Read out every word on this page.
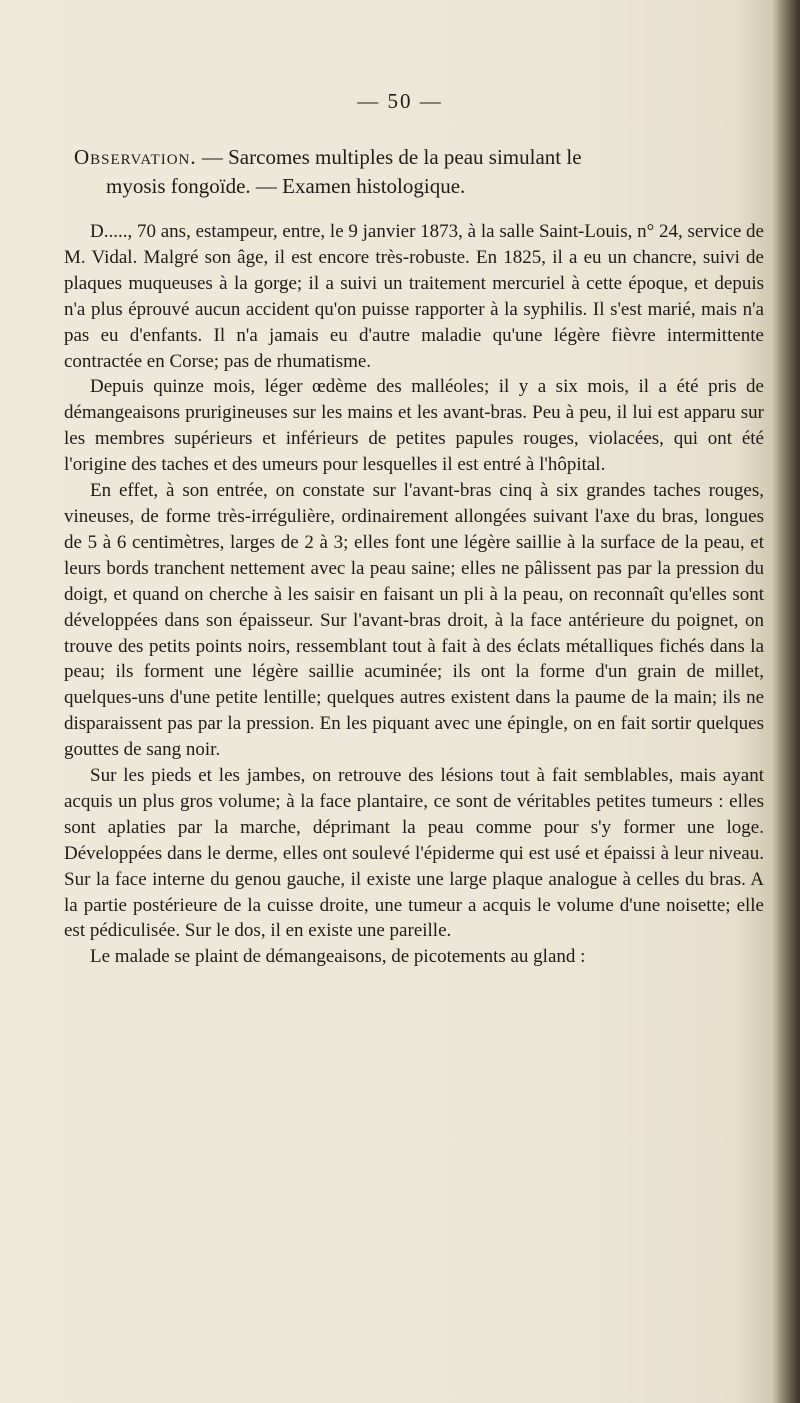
— 50 —
Observation. — Sarcomes multiples de la peau simulant le
myosis fongoïde. — Examen histologique.

D....., 70 ans, estampeur, entre, le 9 janvier 1873, à la salle Saint-Louis, n° 24, service de M. Vidal. Malgré son âge, il est encore très-robuste. En 1825, il a eu un chancre, suivi de plaques muqueuses à la gorge; il a suivi un traitement mercuriel à cette époque, et depuis n'a plus éprouvé aucun accident qu'on puisse rapporter à la syphilis. Il s'est marié, mais n'a pas eu d'enfants. Il n'a jamais eu d'autre maladie qu'une légère fièvre intermittente contractée en Corse; pas de rhumatisme.

Depuis quinze mois, léger œdème des malléoles; il y a six mois, il a été pris de démangeaisons prurigineuses sur les mains et les avant-bras. Peu à peu, il lui est apparu sur les membres supérieurs et inférieurs de petites papules rouges, violacées, qui ont été l'origine des taches et des umeurs pour lesquelles il est entré à l'hôpital.

En effet, à son entrée, on constate sur l'avant-bras cinq à six grandes taches rouges, vineuses, de forme très-irrégulière, ordinairement allongées suivant l'axe du bras, longues de 5 à 6 centimètres, larges de 2 à 3; elles font une légère saillie à la surface de la peau, et leurs bords tranchent nettement avec la peau saine; elles ne pâlissent pas par la pression du doigt, et quand on cherche à les saisir en faisant un pli à la peau, on reconnaît qu'elles sont développées dans son épaisseur. Sur l'avant-bras droit, à la face antérieure du poignet, on trouve des petits points noirs, ressemblant tout à fait à des éclats métalliques fichés dans la peau; ils forment une légère saillie acuminée; ils ont la forme d'un grain de millet, quelques-uns d'une petite lentille; quelques autres existent dans la paume de la main; ils ne disparaissent pas par la pression. En les piquant avec une épingle, on en fait sortir quelques gouttes de sang noir.

Sur les pieds et les jambes, on retrouve des lésions tout à fait semblables, mais ayant acquis un plus gros volume; à la face plantaire, ce sont de véritables petites tumeurs : elles sont aplaties par la marche, déprimant la peau comme pour s'y former une loge. Développées dans le derme, elles ont soulevé l'épiderme qui est usé et épaissi à leur niveau. Sur la face interne du genou gauche, il existe une large plaque analogue à celles du bras. A la partie postérieure de la cuisse droite, une tumeur a acquis le volume d'une noisette; elle est pédiculisée. Sur le dos, il en existe une pareille.

Le malade se plaint de démangeaisons, de picotements au gland :
